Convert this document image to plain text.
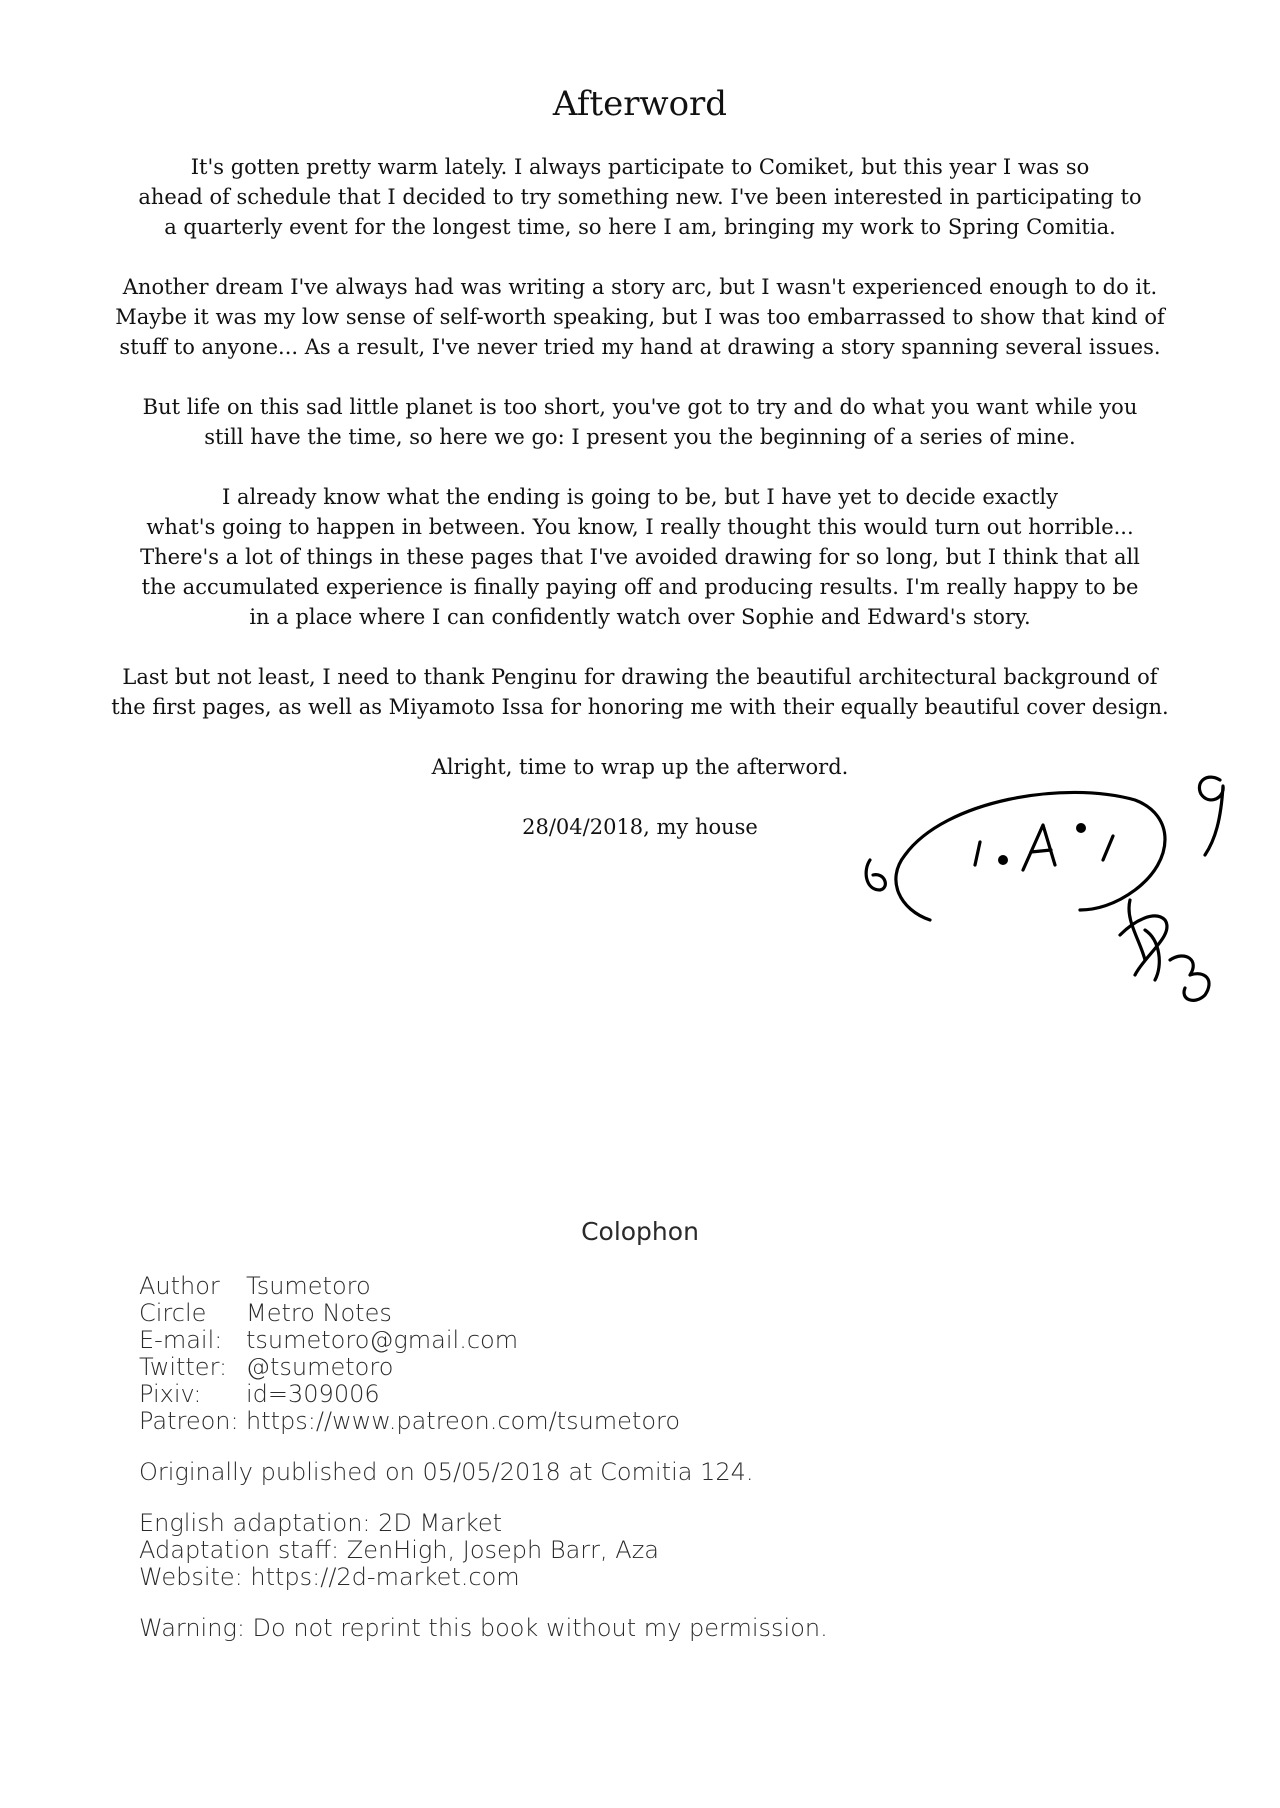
Afterword

It's gotten pretty warm lately. I always participate to Comiket, but this year I was so
ahead of schedule that I decided to try something new. I've been interested in participating to
a quarterly event for the longest time, so here I am, bringing my work to Spring Comitia.

Another dream I've always had was writing a story arc, but I wasn't experienced enough to do it.
Maybe it was my low sense of self-worth speaking, but I was too embarrassed to show that kind of
stuff to anyone... As a result, I've never tried my hand at drawing a story spanning several issues.

But life on this sad little planet is too short, you've got to try and do what you want while you
still have the time, so here we go: I present you the beginning of a series of mine.

I already know what the ending is going to be, but I have yet to decide exactly
what's going to happen in between. You know, I really thought this would turn out horrible...
There's a lot of things in these pages that I've avoided drawing for so long, but I think that all
the accumulated experience is finally paying off and producing results. I'm really happy to be
in a place where I can confidently watch over Sophie and Edward's story.

Last but not least, I need to thank Penginu for drawing the beautiful architectural background of
the first pages, as well as Miyamoto Issa for honoring me with their equally beautiful cover design.

Alright, time to wrap up the afterword.

28/04/2018, my house

Colophon
Author	Tsumetoro
Circle	Metro Notes
E-mail: tsumetoro@gmail.com
Twitter: @tsumetoro
Pixiv:	id=309006
Patreon: https://www.patreon.com/tsumetoro
Originally published on 05/05/2018 at Comitia 124.
English adaptation: 2D Market
Adaptation staff: ZenHigh, Joseph Barr, Aza
Website: https://2d-market.com
Warning: Do not reprint this book without my permission.
